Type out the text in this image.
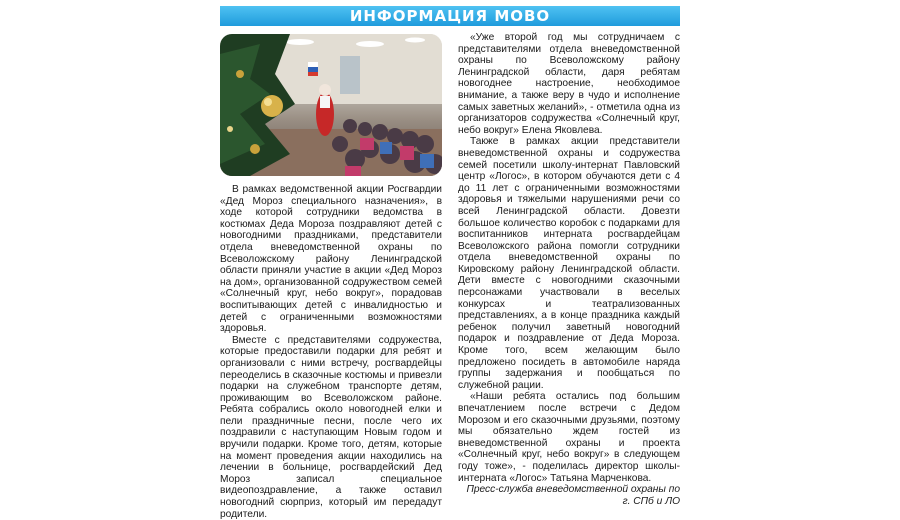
ИНФОРМАЦИЯ МОВО

В рамках ведомственной акции Росгвардии «Дед Мороз специального назначения», в ходе которой сотрудники ведомства в костюмах Деда Мороза поздравляют детей с новогодними праздниками, представители отдела вневедомственной охраны по Всеволожскому району Ленинградской области приняли участие в акции «Дед Мороз на дом», организованной содружеством семей «Солнечный круг, небо вокруг», порадовав воспитывающих детей с инвалидностью и детей с ограниченными возможностями здоровья.

Вместе с представителями содружества, которые предоставили подарки для ребят и организовали с ними встречу, росгвардейцы переоделись в сказочные костюмы и привезли подарки на служебном транспорте детям, проживающим во Всеволожском районе. Ребята собрались около новогодней елки и пели праздничные песни, после чего их поздравили с наступающим Новым годом и вручили подарки. Кроме того, детям, которые на момент проведения акции находились на лечении в больнице, росгвардейский Дед Мороз записал специальное видеопоздравление, а также оставил новогодний сюрприз, который им передадут родители.

«Уже второй год мы сотрудничаем с представителями отдела вневедомственной охраны по Всеволожскому району Ленинградской области, даря ребятам новогоднее настроение, необходимое внимание, а также веру в чудо и исполнение самых заветных желаний», - отметила одна из организаторов содружества «Солнечный круг, небо вокруг» Елена Яковлева.

Также в рамках акции представители вневедомственной охраны и содружества семей посетили школу-интернат Павловский центр «Логос», в котором обучаются дети с 4 до 11 лет с ограниченными возможностями здоровья и тяжелыми нарушениями речи со всей Ленинградской области. Довезти большое количество коробок с подарками для воспитанников интерната росгвардейцам Всеволожского района помогли сотрудники отдела вневедомственной охраны по Кировскому району Ленинградской области. Дети вместе с новогодними сказочными персонажами участвовали в веселых конкурсах и театрализованных представлениях, а в конце праздника каждый ребенок получил заветный новогодний подарок и поздравление от Деда Мороза. Кроме того, всем желающим было предложено посидеть в автомобиле наряда группы задержания и пообщаться по служебной рации.

«Наши ребята остались под большим впечатлением после встречи с Дедом Морозом и его сказочными друзьями, поэтому мы обязательно ждем гостей из вневедомственной охраны и проекта «Солнечный круг, небо вокруг» в следующем году тоже», - поделилась директор школы-интерната «Логос» Татьяна Марченкова.

Пресс-служба вневедомственной охраны по г. СПб и ЛО
